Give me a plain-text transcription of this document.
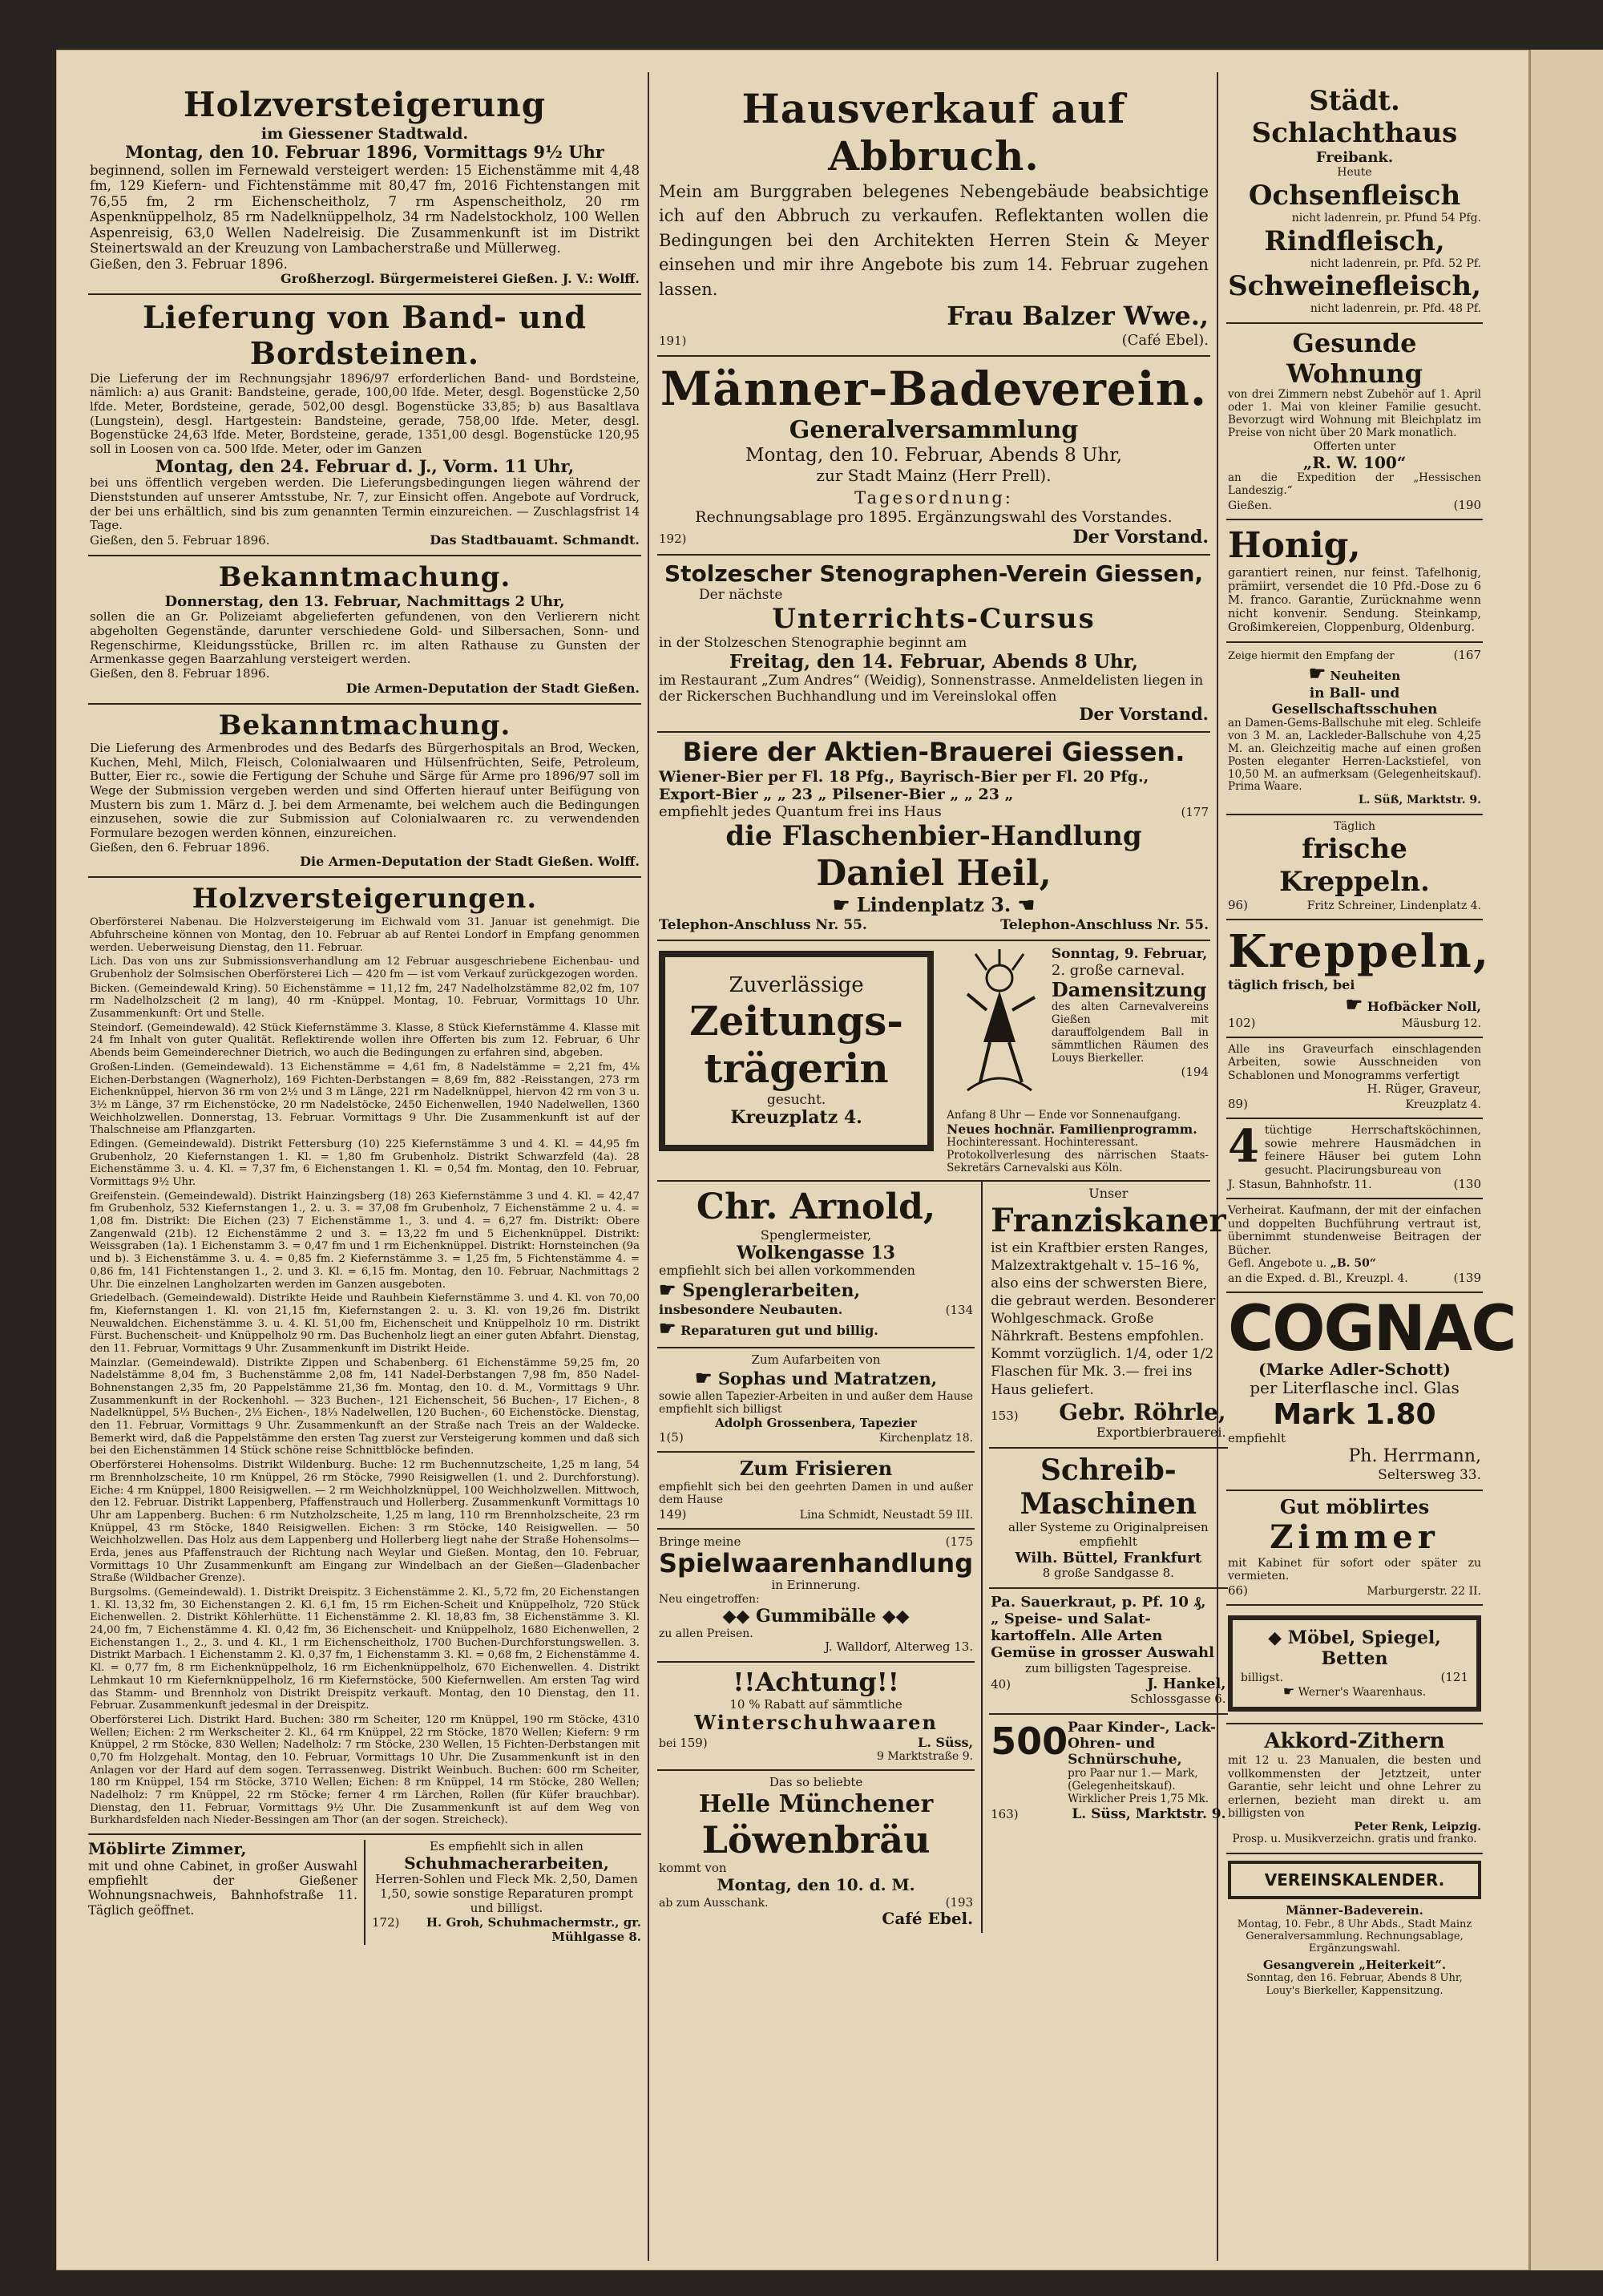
Holzversteigerung

im Giessener Stadtwald.

Montag, den 10. Februar 1896, Vormittags 9½ Uhr

beginnend, sollen im Fernewald versteigert werden: 15 Eichenstämme mit 4,48 fm, 129 Kiefern- und Fichtenstämme mit 80,47 fm, 2016 Fichtenstangen mit 76,55 fm, 2 rm Eichenscheitholz, 7 rm Aspenscheitholz, 20 rm Aspenknüppelholz, 85 rm Nadelknüppelholz, 34 rm Nadelstockholz, 100 Wellen Aspenreisig, 63,0 Wellen Nadelreisig. Die Zusammenkunft ist im Distrikt Steinertswald an der Kreuzung von Lambacherstraße und Müllerweg.

Gießen, den 3. Februar 1896.

Großherzogl. Bürgermeisterei Gießen. J. V.: Wolff.

Lieferung von Band- und Bordsteinen.

Die Lieferung der im Rechnungsjahr 1896/97 erforderlichen Band- und Bordsteine, nämlich: a) aus Granit: Bandsteine, gerade, 100,00 lfde. Meter, desgl. Bogenstücke 2,50 lfde. Meter, Bordsteine, gerade, 502,00 desgl. Bogenstücke 33,85; b) aus Basaltlava (Lungstein), desgl. Hartgestein: Bandsteine, gerade, 758,00 lfde. Meter, desgl. Bogenstücke 24,63 lfde. Meter, Bordsteine, gerade, 1351,00 desgl. Bogenstücke 120,95 soll in Loosen von ca. 500 lfde. Meter, oder im Ganzen

Montag, den 24. Februar d. J., Vorm. 11 Uhr,

bei uns öffentlich vergeben werden. Die Lieferungsbedingungen liegen während der Dienststunden auf unserer Amtsstube, Nr. 7, zur Einsicht offen. Angebote auf Vordruck, der bei uns erhältlich, sind bis zum genannten Termin einzureichen. — Zuschlagsfrist 14 Tage.

Gießen, den 5. Februar 1896.	Das Stadtbauamt. Schmandt.

Bekanntmachung.

Donnerstag, den 13. Februar, Nachmittags 2 Uhr,

sollen die an Gr. Polizeiamt abgelieferten gefundenen, von den Verlierern nicht abgeholten Gegenstände, darunter verschiedene Gold- und Silbersachen, Sonn- und Regenschirme, Kleidungsstücke, Brillen rc. im alten Rathause zu Gunsten der Armenkasse gegen Baarzahlung versteigert werden.

Gießen, den 8. Februar 1896.

Die Armen-Deputation der Stadt Gießen.

Bekanntmachung.

Die Lieferung des Armenbrodes und des Bedarfs des Bürgerhospitals an Brod, Wecken, Kuchen, Mehl, Milch, Fleisch, Colonialwaaren und Hülsenfrüchten, Seife, Petroleum, Butter, Eier rc., sowie die Fertigung der Schuhe und Särge für Arme pro 1896/97 soll im Wege der Submission vergeben werden und sind Offerten hierauf unter Beifügung von Mustern bis zum 1. März d. J. bei dem Armenamte, bei welchem auch die Bedingungen einzusehen, sowie die zur Submission auf Colonialwaaren rc. zu verwendenden Formulare bezogen werden können, einzureichen.

Gießen, den 6. Februar 1896.

Die Armen-Deputation der Stadt Gießen. Wolff.

Holzversteigerungen.

Oberförsterei Nabenau. Die Holzversteigerung im Eichwald vom 31. Januar ist genehmigt. Die Abfuhrscheine können von Montag, den 10. Februar ab auf Rentei Londorf in Empfang genommen werden. Ueberweisung Dienstag, den 11. Februar.

Lich. Das von uns zur Submissionsverhandlung am 12 Februar ausgeschriebene Eichenbau- und Grubenholz der Solmsischen Oberförsterei Lich — 420 fm — ist vom Verkauf zurückgezogen worden.

Bicken. (Gemeindewald Kring). 50 Eichenstämme = 11,12 fm, 247 Nadelholzstämme 82,02 fm, 107 rm Nadelholzscheit (2 m lang), 40 rm -Knüppel. Montag, 10. Februar, Vormittags 10 Uhr. Zusammenkunft: Ort und Stelle.

Steindorf. (Gemeindewald). 42 Stück Kiefernstämme 3. Klasse, 8 Stück Kiefernstämme 4. Klasse mit 24 fm Inhalt von guter Qualität. Reflektirende wollen ihre Offerten bis zum 12. Februar, 6 Uhr Abends beim Gemeinderechner Dietrich, wo auch die Bedingungen zu erfahren sind, abgeben.

Großen-Linden. (Gemeindewald). 13 Eichenstämme = 4,61 fm, 8 Nadelstämme = 2,21 fm, 4⅛ Eichen-Derbstangen (Wagnerholz), 169 Fichten-Derbstangen = 8,69 fm, 882 -Reisstangen, 273 rm Eichenknüppel, hiervon 36 rm von 2½ und 3 m Länge, 221 rm Nadelknüppel, hiervon 42 rm von 3 u. 3½ m Länge, 37 rm Eichenstöcke, 20 rm Nadelstöcke, 2450 Eichenwellen, 1940 Nadelwellen, 1360 Weichholzwellen. Donnerstag, 13. Februar. Vormittags 9 Uhr. Die Zusammenkunft ist auf der Thalschneise am Pflanzgarten.

Edingen. (Gemeindewald). Distrikt Fettersburg (10) 225 Kiefernstämme 3 und 4. Kl. = 44,95 fm Grubenholz, 20 Kiefernstangen 1. Kl. = 1,80 fm Grubenholz. Distrikt Schwarzfeld (4a). 28 Eichenstämme 3. u. 4. Kl. = 7,37 fm, 6 Eichenstangen 1. Kl. = 0,54 fm. Montag, den 10. Februar, Vormittags 9½ Uhr.

Greifenstein. (Gemeindewald). Distrikt Hainzingsberg (18) 263 Kiefernstämme 3 und 4. Kl. = 42,47 fm Grubenholz, 532 Kiefernstangen 1., 2. u. 3. = 37,08 fm Grubenholz, 7 Eichenstämme 2 u. 4. = 1,08 fm. Distrikt: Die Eichen (23) 7 Eichenstämme 1., 3. und 4. = 6,27 fm. Distrikt: Obere Zangenwald (21b). 12 Eichenstämme 2 und 3. = 13,22 fm und 5 Eichenknüppel. Distrikt: Weissgraben (1a). 1 Eichenstamm 3. = 0,47 fm und 1 rm Eichenknüppel. Distrikt: Hornsteinchen (9a und b). 3 Eichenstämme 3. u. 4. = 0,85 fm. 2 Kiefernstämme 3. = 1,25 fm, 5 Fichtenstämme 4. = 0,86 fm, 141 Fichtenstangen 1., 2. und 3. Kl. = 6,15 fm. Montag, den 10. Februar, Nachmittags 2 Uhr. Die einzelnen Langholzarten werden im Ganzen ausgeboten.

Griedelbach. (Gemeindewald). Distrikte Heide und Rauhbein Kiefernstämme 3. und 4. Kl. von 70,00 fm, Kiefernstangen 1. Kl. von 21,15 fm, Kiefernstangen 2. u. 3. Kl. von 19,26 fm. Distrikt Neuwaldchen. Eichenstämme 3. u. 4. Kl. 51,00 fm, Eichenscheit und Knüppelholz 10 rm. Distrikt Fürst. Buchenscheit- und Knüppelholz 90 rm. Das Buchenholz liegt an einer guten Abfahrt. Dienstag, den 11. Februar, Vormittags 9 Uhr. Zusammenkunft im Distrikt Heide.

Mainzlar. (Gemeindewald). Distrikte Zippen und Schabenberg. 61 Eichenstämme 59,25 fm, 20 Nadelstämme 8,04 fm, 3 Buchenstämme 2,08 fm, 141 Nadel-Derbstangen 7,98 fm, 850 Nadel-Bohnenstangen 2,35 fm, 20 Pappelstämme 21,36 fm. Montag, den 10. d. M., Vormittags 9 Uhr. Zusammenkunft in der Rockenhohl. — 323 Buchen-, 121 Eichenscheit, 56 Buchen-, 17 Eichen-, 8 Nadelknüppel, 5⅓ Buchen-, 2⅓ Eichen-, 18⅓ Nadelwellen, 120 Buchen-, 60 Eichenstöcke. Dienstag, den 11. Februar, Vormittags 9 Uhr. Zusammenkunft an der Straße nach Treis an der Waldecke. Bemerkt wird, daß die Pappelstämme den ersten Tag zuerst zur Versteigerung kommen und daß sich bei den Eichenstämmen 14 Stück schöne reise Schnittblöcke befinden.

Oberförsterei Hohensolms. Distrikt Wildenburg. Buche: 12 rm Buchennutzscheite, 1,25 m lang, 54 rm Brennholzscheite, 10 rm Knüppel, 26 rm Stöcke, 7990 Reisigwellen (1. und 2. Durchforstung). Eiche: 4 rm Knüppel, 1800 Reisigwellen. — 2 rm Weichholzknüppel, 100 Weichholzwellen. Mittwoch, den 12. Februar. Distrikt Lappenberg, Pfaffenstrauch und Hollerberg. Zusammenkunft Vormittags 10 Uhr am Lappenberg. Buchen: 6 rm Nutzholzscheite, 1,25 m lang, 110 rm Brennholzscheite, 23 rm Knüppel, 43 rm Stöcke, 1840 Reisigwellen. Eichen: 3 rm Stöcke, 140 Reisigwellen. — 50 Weichholzwellen. Das Holz aus dem Lappenberg und Hollerberg liegt nahe der Straße Hohensolms—Erda, jenes aus Pfaffenstrauch der Richtung nach Weylar und Gießen. Montag, den 10. Februar, Vormittags 10 Uhr Zusammenkunft am Eingang zur Windelbach an der Gießen—Gladenbacher Straße (Wildbacher Grenze).

Burgsolms. (Gemeindewald). 1. Distrikt Dreispitz. 3 Eichenstämme 2. Kl., 5,72 fm, 20 Eichenstangen 1. Kl. 13,32 fm, 30 Eichenstangen 2. Kl. 6,1 fm, 15 rm Eichen-Scheit und Knüppelholz, 720 Stück Eichenwellen. 2. Distrikt Köhlerhütte. 11 Eichenstämme 2. Kl. 18,83 fm, 38 Eichenstämme 3. Kl. 24,00 fm, 7 Eichenstämme 4. Kl. 0,42 fm, 36 Eichenscheit- und Knüppelholz, 1680 Eichenwellen, 2 Eichenstangen 1., 2., 3. und 4. Kl., 1 rm Eichenscheitholz, 1700 Buchen-Durchforstungswellen. 3. Distrikt Marbach. 1 Eichenstamm 2. Kl. 0,37 fm, 1 Eichenstamm 3. Kl. = 0,68 fm, 2 Eichenstämme 4. Kl. = 0,77 fm, 8 rm Eichenknüppelholz, 16 rm Eichenknüppelholz, 670 Eichenwellen. 4. Distrikt Lehmkaut 10 rm Kiefernknüppelholz, 16 rm Kiefernstöcke, 500 Kiefernwellen. Am ersten Tag wird das Stamm- und Brennholz von Distrikt Dreispitz verkauft. Montag, den 10 Dienstag, den 11. Februar. Zusammenkunft jedesmal in der Dreispitz.

Oberförsterei Lich. Distrikt Hard. Buchen: 380 rm Scheiter, 120 rm Knüppel, 190 rm Stöcke, 4310 Wellen; Eichen: 2 rm Werkscheiter 2. Kl., 64 rm Knüppel, 22 rm Stöcke, 1870 Wellen; Kiefern: 9 rm Knüppel, 2 rm Stöcke, 830 Wellen; Nadelholz: 7 rm Stöcke, 230 Wellen, 15 Fichten-Derbstangen mit 0,70 fm Holzgehalt. Montag, den 10. Februar, Vormittags 10 Uhr. Die Zusammenkunft ist in den Anlagen vor der Hard auf dem sogen. Terrassenweg. Distrikt Weinbuch. Buchen: 600 rm Scheiter, 180 rm Knüppel, 154 rm Stöcke, 3710 Wellen; Eichen: 8 rm Knüppel, 14 rm Stöcke, 280 Wellen; Nadelholz: 7 rm Knüppel, 22 rm Stöcke; ferner 4 rm Lärchen, Rollen (für Küfer brauchbar). Dienstag, den 11. Februar, Vormittags 9½ Uhr. Die Zusammenkunft ist auf dem Weg von Burkhardsfelden nach Nieder-Bessingen am Thor (an der sogen. Streicheck).

Möblirte Zimmer,

mit und ohne Cabinet, in großer Auswahl empfiehlt der Gießener Wohnungsnachweis, Bahnhofstraße 11. Täglich geöffnet.

Es empfiehlt sich in allen

Schuhmacherarbeiten,

Herren-Sohlen und Fleck Mk. 2,50, Damen 1,50, sowie sonstige Reparaturen prompt und billigst.

172)	H. Groh, Schuhmachermstr., gr. Mühlgasse 8.

Hausverkauf auf Abbruch.

Mein am Burggraben belegenes Nebengebäude beabsichtige ich auf den Abbruch zu verkaufen. Reflektanten wollen die Bedingungen bei den Architekten Herren Stein & Meyer einsehen und mir ihre Angebote bis zum 14. Februar zugehen lassen.

Frau Balzer Wwe.,

191)	(Café Ebel).

Männer-Badeverein.

Generalversammlung

Montag, den 10. Februar, Abends 8 Uhr,

zur Stadt Mainz (Herr Prell).

Tagesordnung:

Rechnungsablage pro 1895. Ergänzungswahl des Vorstandes.

192)	Der Vorstand.

Stolzescher Stenographen-Verein Giessen,

Der nächste

Unterrichts-Cursus

in der Stolzeschen Stenographie beginnt am

Freitag, den 14. Februar, Abends 8 Uhr,

im Restaurant „Zum Andres“ (Weidig), Sonnenstrasse. Anmeldelisten liegen in der Rickerschen Buchhandlung und im Vereinslokal offen

Der Vorstand.

Biere der Aktien-Brauerei Giessen.

Wiener-Bier per Fl. 18 Pfg., Bayrisch-Bier per Fl. 20 Pfg.,

Export-Bier „ „ 23 „ Pilsener-Bier „ „ 23 „

empfiehlt jedes Quantum frei ins Haus	(177

die Flaschenbier-Handlung

Daniel Heil,

☛ Lindenplatz 3. ☚

Telephon-Anschluss Nr. 55.	Telephon-Anschluss Nr. 55.

Zuverlässige

Zeitungs-

trägerin

gesucht.

Kreuzplatz 4.

Sonntag, 9. Februar,

2. große carneval.

Damensitzung

des alten Carnevalvereins Gießen mit darauffolgendem Ball in sämmtlichen Räumen des Louys Bierkeller.

(194

Anfang 8 Uhr — Ende vor Sonnenaufgang.

Neues hochnär. Familienprogramm.

Hochinteressant. Hochinteressant.

Protokollverlesung des närrischen Staats-Sekretärs Carnevalski aus Köln.

Chr. Arnold,

Spenglermeister,

Wolkengasse 13

empfiehlt sich bei allen vorkommenden

☛ Spenglerarbeiten,

insbesondere Neubauten.	(134

☛ Reparaturen gut und billig.

Zum Aufarbeiten von

☛ Sophas und Matratzen,

sowie allen Tapezier-Arbeiten in und außer dem Hause empfiehlt sich billigst

Adolph Grossenbera, Tapezier

1(5)	Kirchenplatz 18.

Zum Frisieren

empfiehlt sich bei den geehrten Damen in und außer dem Hause

149)	Lina Schmidt, Neustadt 59 III.
Bringe meine	(175

Spielwaarenhandlung

in Erinnerung.

Neu eingetroffen:

◆◆ Gummibälle ◆◆

zu allen Preisen.

J. Walldorf, Alterweg 13.

!!Achtung!!

10 % Rabatt auf sämmtliche

Winterschuhwaaren

bei 159)	L. Süss,

9 Marktstraße 9.

Das so beliebte

Helle Münchener

Löwenbräu

kommt von

Montag, den 10. d. M.

ab zum Ausschank.	(193

Café Ebel.

Unser

Franziskaner

ist ein Kraftbier ersten Ranges, Malzextraktgehalt v. 15–16 %, also eins der schwersten Biere, die gebraut werden. Besonderer Wohlgeschmack. Große Nährkraft. Bestens empfohlen. Kommt vorzüglich. 1/4, oder 1/2 Flaschen für Mk. 3.— frei ins Haus geliefert.

153) Gebr. Röhrle,

Exportbierbrauerei.

Schreib-Maschinen

aller Systeme zu Originalpreisen empfiehlt

Wilh. Büttel, Frankfurt

8 große Sandgasse 8.

Pa. Sauerkraut, p. Pf. 10 ₰,

„ Speise- und Salat- kartoffeln. Alle Arten Gemüse in grosser Auswahl

zum billigsten Tagespreise.

40)	J. Hankel,

Schlossgasse 6.

500 Paar Kinder-, Lack-Ohren- und Schnürschuhe,

pro Paar nur 1.— Mark, (Gelegenheitskauf). Wirklicher Preis 1,75 Mk.

163)	L. Süss, Marktstr. 9.

Städt. Schlachthaus

Freibank.

Heute

Ochsenfleisch

nicht ladenrein, pr. Pfund 54 Pfg.

Rindfleisch,

nicht ladenrein, pr. Pfd. 52 Pf.

Schweinefleisch,

nicht ladenrein, pr. Pfd. 48 Pf.

Gesunde Wohnung

von drei Zimmern nebst Zubehör auf 1. April oder 1. Mai von kleiner Familie gesucht. Bevorzugt wird Wohnung mit Bleichplatz im Preise von nicht über 20 Mark monatlich.

Offerten unter

„R. W. 100“

an die Expedition der „Hessischen Landeszig.“

Gießen.	(190

Honig,

garantiert reinen, nur feinst. Tafelhonig, prämiirt, versendet die 10 Pfd.-Dose zu 6 M. franco. Garantie, Zurücknahme wenn nicht konvenir. Sendung. Steinkamp, Großimkereien, Cloppenburg, Oldenburg.

Zeige hiermit den Empfang der	(167

☛ Neuheiten

in Ball- und Gesellschaftsschuhen

an Damen-Gems-Ballschuhe mit eleg. Schleife von 3 M. an, Lackleder-Ballschuhe von 4,25 M. an. Gleichzeitig mache auf einen großen Posten eleganter Herren-Lackstiefel, von 10,50 M. an aufmerksam (Gelegenheitskauf). Prima Waare.

L. Süß, Marktstr. 9.

Täglich

frische Kreppeln.

96)	Fritz Schreiner, Lindenplatz 4.

Kreppeln,

täglich frisch, bei

☛ Hofbäcker Noll,

102)	Mäusburg 12.

Alle ins Graveurfach einschlagenden Arbeiten, sowie Ausschneiden von Schablonen und Monogramms verfertigt

H. Rüger, Graveur,

89)	Kreuzplatz 4.
4 tüchtige Herrschaftsköchinnen, sowie mehrere Hausmädchen in feinere Häuser bei gutem Lohn gesucht. Placirungsbureau von

J. Stasun, Bahnhofstr. 11.	(130

Verheirat. Kaufmann, der mit der einfachen und doppelten Buchführung vertraut ist, übernimmt stundenweise Beitragen der Bücher.

Gefl. Angebote u. „B. 50“

an die Exped. d. Bl., Kreuzpl. 4.	(139

COGNAC

(Marke Adler-Schott)

per Literflasche incl. Glas

Mark 1.80

empfiehlt

Ph. Herrmann,

Seltersweg 33.

Gut möblirtes

Zimmer

mit Kabinet für sofort oder später zu vermieten.

66)	Marburgerstr. 22 II.

◆ Möbel, Spiegel, Betten

billigst.	(121

☛ Werner's Waarenhaus.

Akkord-Zithern

mit 12 u. 23 Manualen, die besten und vollkommensten der Jetztzeit, unter Garantie, sehr leicht und ohne Lehrer zu erlernen, bezieht man direkt u. am billigsten von

Peter Renk, Leipzig.

Prosp. u. Musikverzeichn. gratis und franko.

VEREINSKALENDER.

Männer-Badeverein.

Montag, 10. Febr., 8 Uhr Abds., Stadt Mainz Generalversammlung. Rechnungsablage, Ergänzungswahl.

Gesangverein „Heiterkeit“.

Sonntag, den 16. Februar, Abends 8 Uhr, Louy's Bierkeller, Kappensitzung.
